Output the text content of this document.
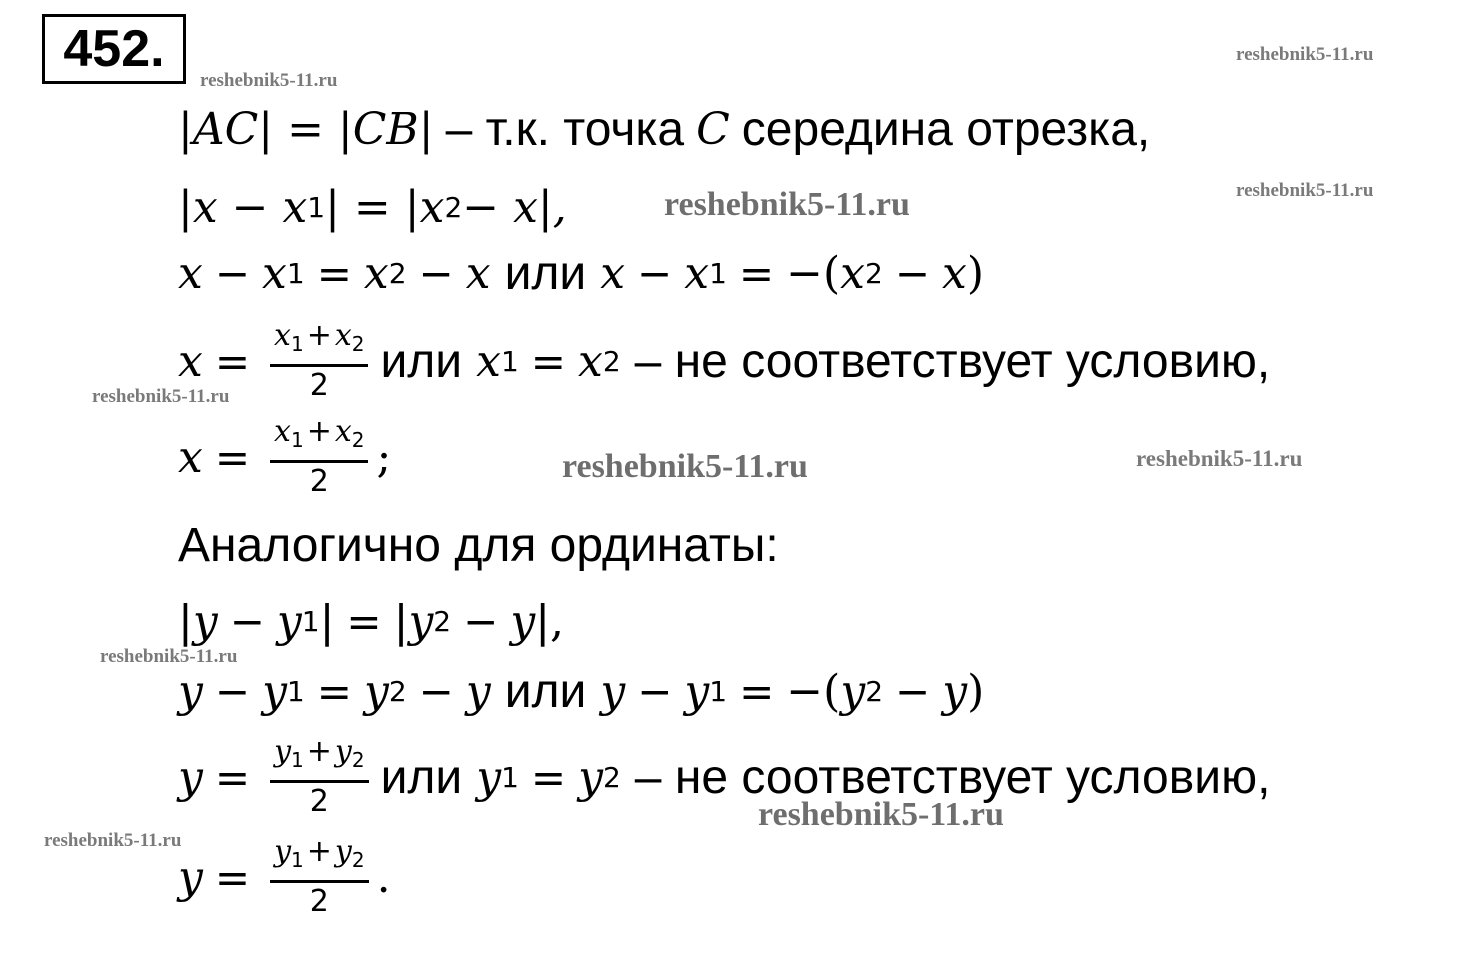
452.
reshebnik5-11.ru
reshebnik5-11.ru
reshebnik5-11.ru
reshebnik5-11.ru
reshebnik5-11.ru
reshebnik5-11.ru	reshebnik5-11.ru
reshebnik5-11.ru
reshebnik5-11.ru
reshebnik5-11.ru
|AC| = |CB| – т.к. точка C середина отрезка,
|x − x 1 | = |x 2 − x|,
x − x 1 = x 2 − x или x − x 1 = − ( x 2 − x )
$x = \frac{x_1 + x_2}{2}$ или x 1 = x 2 – не соответствует условию,
$x = \frac{x_1 + x_2}{2}$ ;
Аналогично для ординаты:
| y − y 1 | = | y 2 − y | ,
y − y 1 = y 2 − y или y − y 1 = − ( y 2 − y )
$y = \frac{y_1 + y_2}{2}$ или y 1 = y 2 – не соответствует условию,
$y = \frac{y_1 + y_2}{2}$ .
